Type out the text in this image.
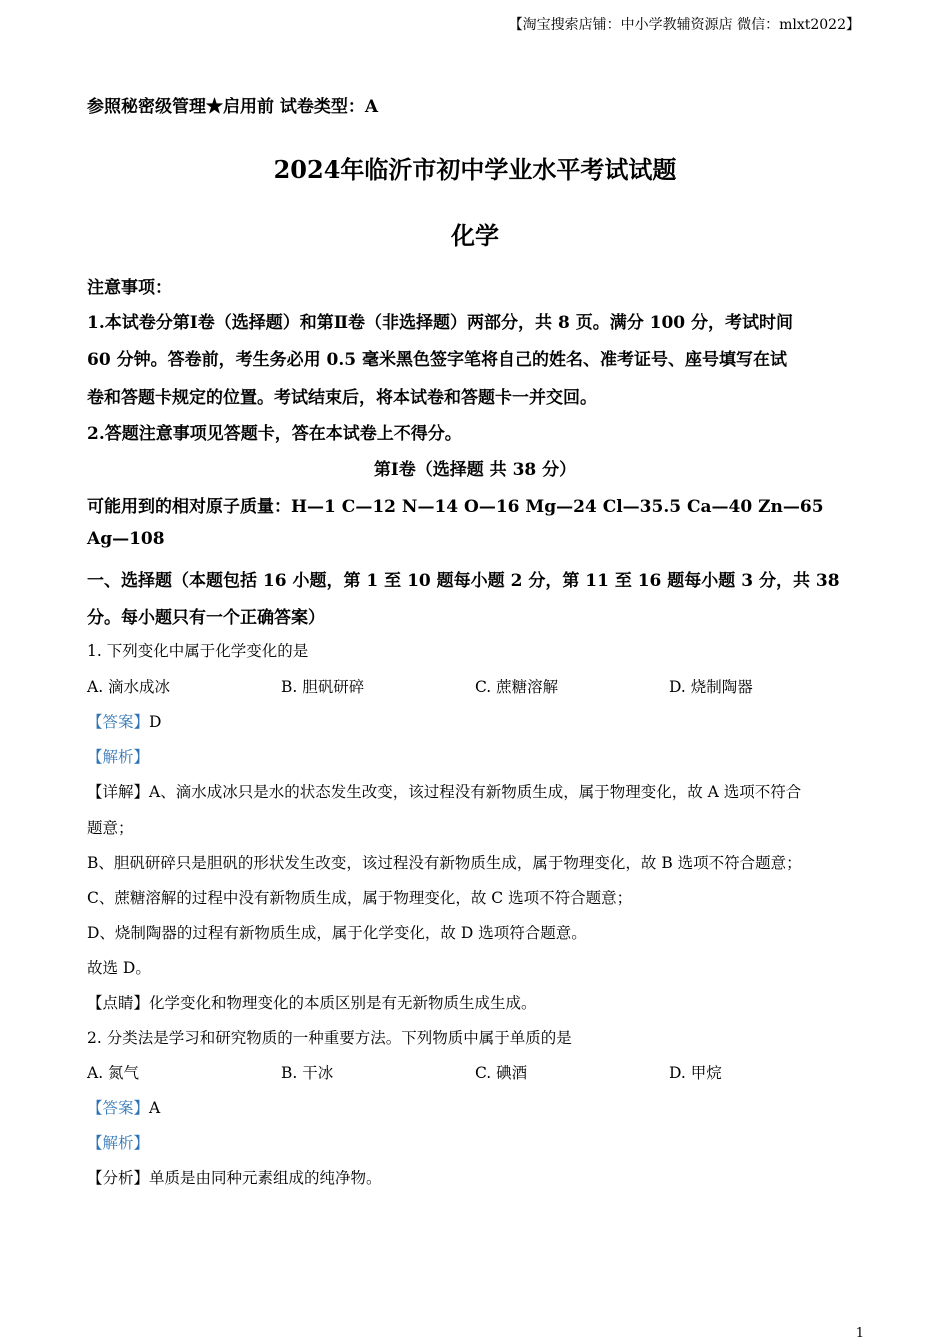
【淘宝搜索店铺：中小学教辅资源店 微信：mlxt2022】
参照秘密级管理★启用前 试卷类型：A
2024年临沂市初中学业水平考试试题
化学
注意事项：
1.本试卷分第Ⅰ卷（选择题）和第Ⅱ卷（非选择题）两部分，共 8 页。满分 100 分，考试时间
60 分钟。答卷前，考生务必用 0.5 毫米黑色签字笔将自己的姓名、准考证号、座号填写在试
卷和答题卡规定的位置。考试结束后，将本试卷和答题卡一并交回。
2.答题注意事项见答题卡，答在本试卷上不得分。
第Ⅰ卷（选择题 共 38 分）
可能用到的相对原子质量：H—1 C—12 N—14 O—16 Mg—24 Cl—35.5 Ca—40 Zn—65
Ag—108
一、选择题（本题包括 16 小题，第 1 至 10 题每小题 2 分，第 11 至 16 题每小题 3 分，共 38
分。每小题只有一个正确答案）
1. 下列变化中属于化学变化的是
A. 滴水成冰	B. 胆矾研碎	C. 蔗糖溶解	D. 烧制陶器
【答案】D
【解析】
【详解】A、滴水成冰只是水的状态发生改变，该过程没有新物质生成，属于物理变化，故 A 选项不符合
题意；
B、胆矾研碎只是胆矾的形状发生改变，该过程没有新物质生成，属于物理变化，故 B 选项不符合题意；
C、蔗糖溶解的过程中没有新物质生成，属于物理变化，故 C 选项不符合题意；
D、烧制陶器的过程有新物质生成，属于化学变化，故 D 选项符合题意。
故选 D。
【点睛】化学变化和物理变化的本质区别是有无新物质生成生成。
2. 分类法是学习和研究物质的一种重要方法。下列物质中属于单质的是
A. 氮气	B. 干冰	C. 碘酒	D. 甲烷
【答案】A
【解析】
【分析】单质是由同种元素组成的纯净物。
1
